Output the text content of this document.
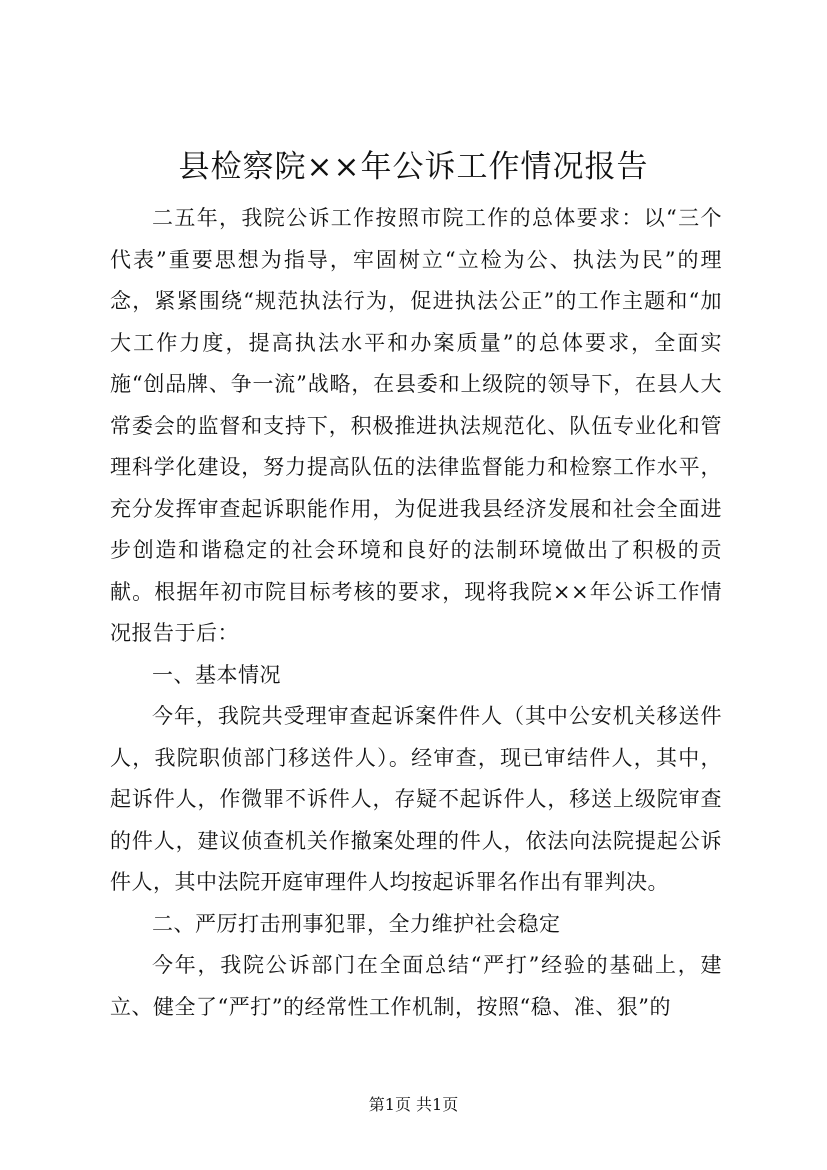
县检察院××年公诉工作情况报告

二五年，我院公诉工作按照市院工作的总体要求：以“三个代表”重要思想为指导，牢固树立“立检为公、执法为民”的理念，紧紧围绕“规范执法行为，促进执法公正”的工作主题和“加大工作力度，提高执法水平和办案质量”的总体要求，全面实施“创品牌、争一流”战略，在县委和上级院的领导下，在县人大常委会的监督和支持下，积极推进执法规范化、队伍专业化和管理科学化建设，努力提高队伍的法律监督能力和检察工作水平，充分发挥审查起诉职能作用，为促进我县经济发展和社会全面进步创造和谐稳定的社会环境和良好的法制环境做出了积极的贡献。根据年初市院目标考核的要求，现将我院××年公诉工作情况报告于后：

一、基本情况

今年，我院共受理审查起诉案件件人（其中公安机关移送件人，我院职侦部门移送件人）。经审查，现已审结件人，其中，起诉件人，作微罪不诉件人，存疑不起诉件人，移送上级院审查的件人，建议侦查机关作撤案处理的件人，依法向法院提起公诉件人，其中法院开庭审理件人均按起诉罪名作出有罪判决。

二、严厉打击刑事犯罪，全力维护社会稳定

今年，我院公诉部门在全面总结“严打”经验的基础上，建立、健全了“严打”的经常性工作机制，按照“稳、准、狠”的

第1页 共1页
